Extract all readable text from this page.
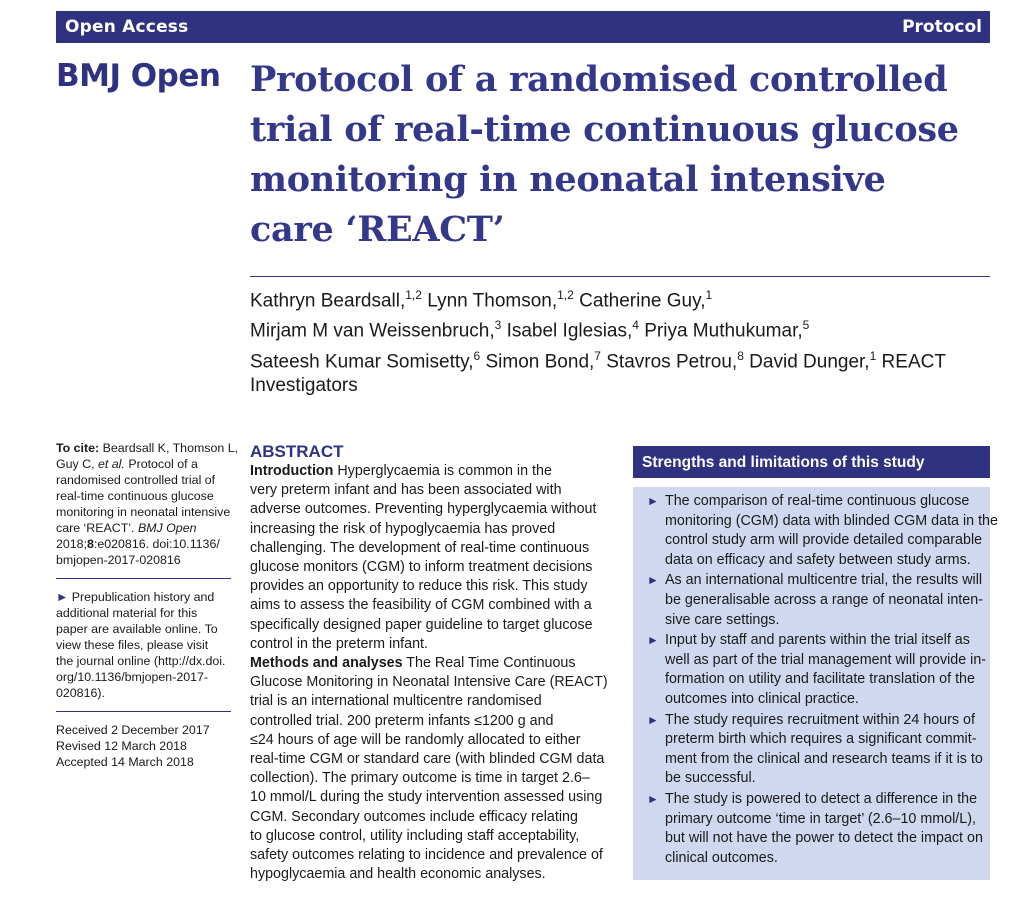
Open Access	Protocol
BMJ Open Protocol of a randomised controlled
trial of real-time continuous glucose
monitoring in neonatal intensive
care ‘REACT’
Kathryn Beardsall,$^{1,2}$ Lynn Thomson,$^{1,2}$ Catherine Guy,$^1$
Mirjam M van Weissenbruch,$^3$ Isabel Iglesias,$^4$ Priya Muthukumar,$^5$
Sateesh Kumar Somisetty,$^6$ Simon Bond,$^7$ Stavros Petrou,$^8$ David Dunger,$^1$ REACT
Investigators
To cite: Beardsall K, Thomson L,
Guy C, et al. Protocol of a
randomised controlled trial of
real-time continuous glucose
monitoring in neonatal intensive
care ‘REACT’. BMJ Open
2018;8:e020816. doi:10.1136/
bmjopen-2017-020816
► Prepublication history and
additional material for this
paper are available online. To
view these files, please visit
the journal online (http://dx.doi.
org/10.1136/bmjopen-2017-
020816).
Received 2 December 2017
Revised 12 March 2018
Accepted 14 March 2018
ABSTRACT
Introduction Hyperglycaemia is common in the
very preterm infant and has been associated with
adverse outcomes. Preventing hyperglycaemia without
increasing the risk of hypoglycaemia has proved
challenging. The development of real-time continuous
glucose monitors (CGM) to inform treatment decisions
provides an opportunity to reduce this risk. This study
aims to assess the feasibility of CGM combined with a
specifically designed paper guideline to target glucose
control in the preterm infant.
Methods and analyses The Real Time Continuous
Glucose Monitoring in Neonatal Intensive Care (REACT)
trial is an international multicentre randomised
controlled trial. 200 preterm infants ≤1200 g and
≤24 hours of age will be randomly allocated to either
real-time CGM or standard care (with blinded CGM data
collection). The primary outcome is time in target 2.6–
10 mmol/L during the study intervention assessed using
CGM. Secondary outcomes include efficacy relating
to glucose control, utility including staff acceptability,
safety outcomes relating to incidence and prevalence of
hypoglycaemia and health economic analyses.
Strengths and limitations of this study
► The comparison of real-time continuous glucose
monitoring (CGM) data with blinded CGM data in the
control study arm will provide detailed comparable
data on efficacy and safety between study arms.
► As an international multicentre trial, the results will
be generalisable across a range of neonatal inten-
sive care settings.
► Input by staff and parents within the trial itself as
well as part of the trial management will provide in-
formation on utility and facilitate translation of the
outcomes into clinical practice.
► The study requires recruitment within 24 hours of
preterm birth which requires a significant commit-
ment from the clinical and research teams if it is to
be successful.
► The study is powered to detect a difference in the
primary outcome ‘time in target’ (2.6–10 mmol/L),
but will not have the power to detect the impact on
clinical outcomes.
